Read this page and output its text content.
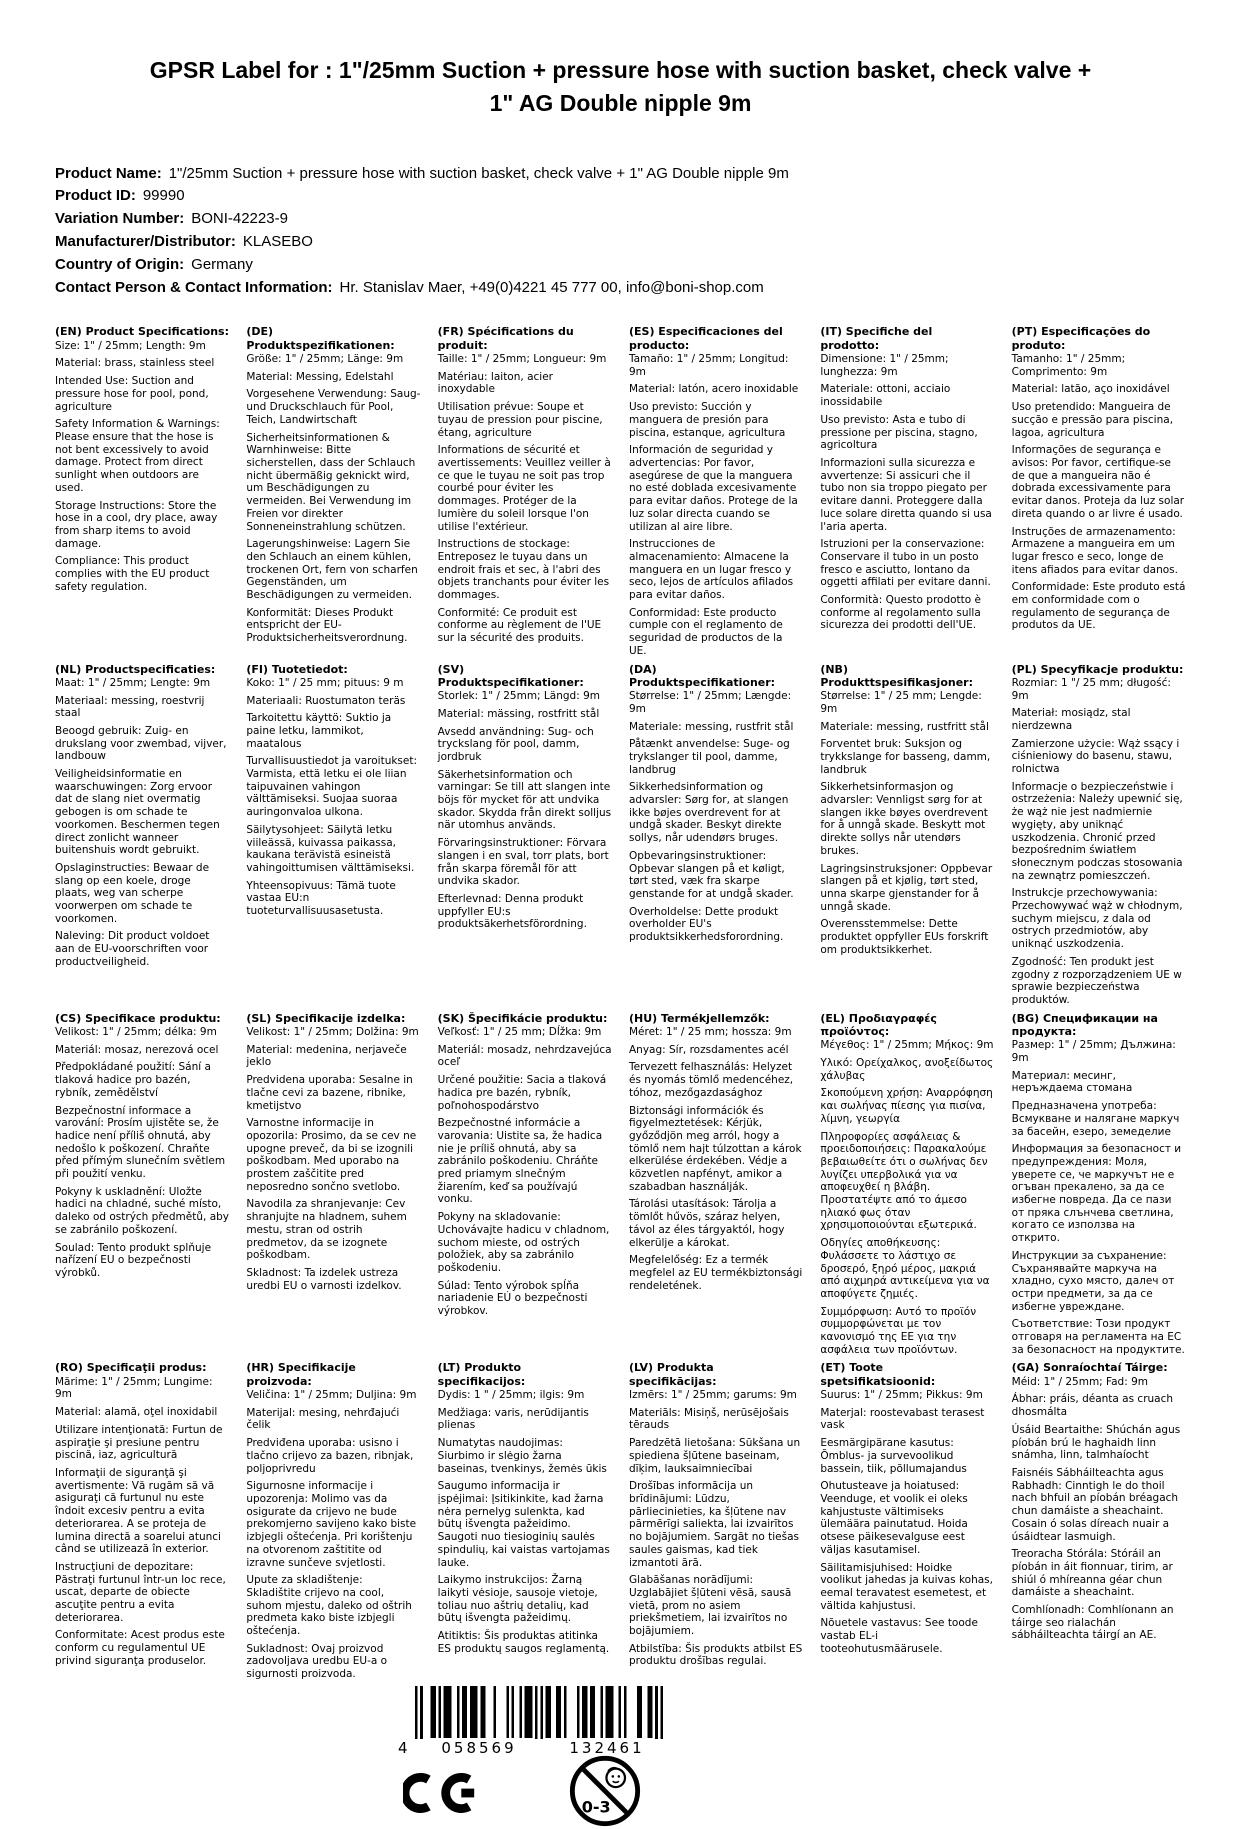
GPSR Label for : 1"/25mm Suction + pressure hose with suction basket, check valve + 1" AG Double nipple 9m
Product Name: 1"/25mm Suction + pressure hose with suction basket, check valve + 1" AG Double nipple 9m
Product ID: 99990
Variation Number: BONI-42223-9
Manufacturer/Distributor: KLASEBO
Country of Origin: Germany
Contact Person & Contact Information: Hr. Stanislav Maer, +49(0)4221 45 777 00, info@boni-shop.com
(EN) Product Specifications:

Size: 1" / 25mm; Length: 9m

Material: brass, stainless steel

Intended Use: Suction and pressure hose for pool, pond, agriculture

Safety Information & Warnings: Please ensure that the hose is not bent excessively to avoid damage. Protect from direct sunlight when outdoors are used.

Storage Instructions: Store the hose in a cool, dry place, away from sharp items to avoid damage.

Compliance: This product complies with the EU product safety regulation.

(DE) Produktspezifikationen:

Größe: 1" / 25mm; Länge: 9m

Material: Messing, Edelstahl

Vorgesehene Verwendung: Saug- und Druckschlauch für Pool, Teich, Landwirtschaft

Sicherheitsinformationen & Warnhinweise: Bitte sicherstellen, dass der Schlauch nicht übermäßig geknickt wird, um Beschädigungen zu vermeiden. Bei Verwendung im Freien vor direkter Sonneneinstrahlung schützen.

Lagerungshinweise: Lagern Sie den Schlauch an einem kühlen, trockenen Ort, fern von scharfen Gegenständen, um Beschädigungen zu vermeiden.

Konformität: Dieses Produkt entspricht der EU-Produktsicherheitsverordnung.

(FR) Spécifications du produit:

Taille: 1" / 25mm; Longueur: 9m

Matériau: laiton, acier inoxydable

Utilisation prévue: Soupe et tuyau de pression pour piscine, étang, agriculture

Informations de sécurité et avertissements: Veuillez veiller à ce que le tuyau ne soit pas trop courbé pour éviter les dommages. Protéger de la lumière du soleil lorsque l'on utilise l'extérieur.

Instructions de stockage: Entreposez le tuyau dans un endroit frais et sec, à l'abri des objets tranchants pour éviter les dommages.

Conformité: Ce produit est conforme au règlement de l'UE sur la sécurité des produits.

(ES) Especificaciones del producto:

Tamaño: 1" / 25mm; Longitud: 9m

Material: latón, acero inoxidable

Uso previsto: Succión y manguera de presión para piscina, estanque, agricultura

Información de seguridad y advertencias: Por favor, asegúrese de que la manguera no esté doblada excesivamente para evitar daños. Protege de la luz solar directa cuando se utilizan al aire libre.

Instrucciones de almacenamiento: Almacene la manguera en un lugar fresco y seco, lejos de artículos afilados para evitar daños.

Conformidad: Este producto cumple con el reglamento de seguridad de productos de la UE.

(IT) Specifiche del prodotto:

Dimensione: 1" / 25mm; lunghezza: 9m

Materiale: ottoni, acciaio inossidabile

Uso previsto: Asta e tubo di pressione per piscina, stagno, agricoltura

Informazioni sulla sicurezza e avvertenze: Si assicuri che il tubo non sia troppo piegato per evitare danni. Proteggere dalla luce solare diretta quando si usa l'aria aperta.

Istruzioni per la conservazione: Conservare il tubo in un posto fresco e asciutto, lontano da oggetti affilati per evitare danni.

Conformità: Questo prodotto è conforme al regolamento sulla sicurezza dei prodotti dell'UE.

(PT) Especificações do produto:

Tamanho: 1" / 25mm; Comprimento: 9m

Material: latão, aço inoxidável

Uso pretendido: Mangueira de sucção e pressão para piscina, lagoa, agricultura

Informações de segurança e avisos: Por favor, certifique-se de que a mangueira não é dobrada excessivamente para evitar danos. Proteja da luz solar direta quando o ar livre é usado.

Instruções de armazenamento: Armazene a mangueira em um lugar fresco e seco, longe de itens afiados para evitar danos.

Conformidade: Este produto está em conformidade com o regulamento de segurança de produtos da UE.

(NL) Productspecificaties:

Maat: 1" / 25mm; Lengte: 9m

Materiaal: messing, roestvrij staal

Beoogd gebruik: Zuig- en drukslang voor zwembad, vijver, landbouw

Veiligheidsinformatie en waarschuwingen: Zorg ervoor dat de slang niet overmatig gebogen is om schade te voorkomen. Beschermen tegen direct zonlicht wanneer buitenshuis wordt gebruikt.

Opslaginstructies: Bewaar de slang op een koele, droge plaats, weg van scherpe voorwerpen om schade te voorkomen.

Naleving: Dit product voldoet aan de EU-voorschriften voor productveiligheid.

(FI) Tuotetiedot:

Koko: 1" / 25 mm; pituus: 9 m

Materiaali: Ruostumaton teräs

Tarkoitettu käyttö: Suktio ja paine letku, lammikot, maatalous

Turvallisuustiedot ja varoitukset: Varmista, että letku ei ole liian taipuvainen vahingon välttämiseksi. Suojaa suoraa auringonvaloa ulkona.

Säilytysohjeet: Säilytä letku viileässä, kuivassa paikassa, kaukana terävistä esineistä vahingoittumisen välttämiseksi.

Yhteensopivuus: Tämä tuote vastaa EU:n tuoteturvallisuusasetusta.

(SV) Produktspecifikationer:

Storlek: 1" / 25mm; Längd: 9m

Material: mässing, rostfritt stål

Avsedd användning: Sug- och tryckslang för pool, damm, jordbruk

Säkerhetsinformation och varningar: Se till att slangen inte böjs för mycket för att undvika skador. Skydda från direkt solljus när utomhus används.

Förvaringsinstruktioner: Förvara slangen i en sval, torr plats, bort från skarpa föremål för att undvika skador.

Efterlevnad: Denna produkt uppfyller EU:s produktsäkerhetsförordning.

(DA) Produktspecifikationer:

Størrelse: 1" / 25mm; Længde: 9m

Materiale: messing, rustfrit stål

Påtænkt anvendelse: Suge- og trykslanger til pool, damme, landbrug

Sikkerhedsinformation og advarsler: Sørg for, at slangen ikke bøjes overdrevent for at undgå skader. Beskyt direkte sollys, når udendørs bruges.

Opbevaringsinstruktioner: Opbevar slangen på et køligt, tørt sted, væk fra skarpe genstande for at undgå skader.

Overholdelse: Dette produkt overholder EU's produktsikkerhedsforordning.

(NB) Produkttspesifikasjoner:

Størrelse: 1" / 25 mm; Lengde: 9m

Materiale: messing, rustfritt stål

Forventet bruk: Suksjon og trykkslange for basseng, damm, landbruk

Sikkerhetsinformasjon og advarsler: Vennligst sørg for at slangen ikke bøyes overdrevent for å unngå skade. Beskytt mot direkte sollys når utendørs brukes.

Lagringsinstruksjoner: Oppbevar slangen på et kjølig, tørt sted, unna skarpe gjenstander for å unngå skade.

Overensstemmelse: Dette produktet oppfyller EUs forskrift om produktsikkerhet.

(PL) Specyfikacje produktu:

Rozmiar: 1 "/ 25 mm; długość: 9m

Materiał: mosiądz, stal nierdzewna

Zamierzone użycie: Wąż ssący i ciśnieniowy do basenu, stawu, rolnictwa

Informacje o bezpieczeństwie i ostrzeżenia: Należy upewnić się, że wąż nie jest nadmiernie wygięty, aby uniknąć uszkodzenia. Chronić przed bezpośrednim światłem słonecznym podczas stosowania na zewnątrz pomieszczeń.

Instrukcje przechowywania: Przechowywać wąż w chłodnym, suchym miejscu, z dala od ostrych przedmiotów, aby uniknąć uszkodzenia.

Zgodność: Ten produkt jest zgodny z rozporządzeniem UE w sprawie bezpieczeństwa produktów.

(CS) Specifikace produktu:

Velikost: 1" / 25mm; délka: 9m

Materiál: mosaz, nerezová ocel

Předpokládané použití: Sání a tlaková hadice pro bazén, rybník, zemědělství

Bezpečnostní informace a varování: Prosím ujistěte se, že hadice není příliš ohnutá, aby nedošlo k poškození. Chraňte před přímým slunečním světlem při použití venku.

Pokyny k uskladnění: Uložte hadici na chladné, suché místo, daleko od ostrých předmětů, aby se zabránilo poškození.

Soulad: Tento produkt splňuje nařízení EU o bezpečnosti výrobků.

(SL) Specifikacije izdelka:

Velikost: 1" / 25mm; Dolžina: 9m

Material: medenina, nerjaveče jeklo

Predvidena uporaba: Sesalne in tlačne cevi za bazene, ribnike, kmetijstvo

Varnostne informacije in opozorila: Prosimo, da se cev ne upogne preveč, da bi se izognili poškodbam. Med uporabo na prostem zaščitite pred neposredno sončno svetlobo.

Navodila za shranjevanje: Cev shranjujte na hladnem, suhem mestu, stran od ostrih predmetov, da se izognete poškodbam.

Skladnost: Ta izdelek ustreza uredbi EU o varnosti izdelkov.

(SK) Špecifikácie produktu:

Veľkosť: 1" / 25 mm; Dĺžka: 9m

Materiál: mosadz, nehrdzavejúca oceľ

Určené použitie: Sacia a tlaková hadica pre bazén, rybník, poľnohospodárstvo

Bezpečnostné informácie a varovania: Uistite sa, že hadica nie je príliš ohnutá, aby sa zabránilo poškodeniu. Chráňte pred priamym slnečným žiarením, keď sa používajú vonku.

Pokyny na skladovanie: Uchovávajte hadicu v chladnom, suchom mieste, od ostrých položiek, aby sa zabránilo poškodeniu.

Súlad: Tento výrobok spĺňa nariadenie EÚ o bezpečnosti výrobkov.

(HU) Termékjellemzők:

Méret: 1" / 25 mm; hossza: 9m

Anyag: Sír, rozsdamentes acél

Tervezett felhasználás: Helyzet és nyomás tömlő medencéhez, tóhoz, mezőgazdasághoz

Biztonsági információk és figyelmeztetések: Kérjük, győződjön meg arról, hogy a tömlő nem hajt túlzottan a károk elkerülése érdekében. Védje a közvetlen napfényt, amikor a szabadban használják.

Tárolási utasítások: Tárolja a tömlőt hűvös, száraz helyen, távol az éles tárgyaktól, hogy elkerülje a károkat.

Megfelelőség: Ez a termék megfelel az EU termékbiztonsági rendeletének.

(EL) Προδιαγραφές προϊόντος:

Μέγεθος: 1" / 25mm; Μήκος: 9m

Υλικό: Ορείχαλκος, ανοξείδωτος χάλυβας

Σκοπούμενη χρήση: Αναρρόφηση και σωλήνας πίεσης για πισίνα, λίμνη, γεωργία

Πληροφορίες ασφάλειας & προειδοποιήσεις: Παρακαλούμε βεβαιωθείτε ότι ο σωλήνας δεν λυγίζει υπερβολικά για να αποφευχθεί η βλάβη. Προστατέψτε από το άμεσο ηλιακό φως όταν χρησιμοποιούνται εξωτερικά.

Οδηγίες αποθήκευσης: Φυλάσσετε το λάστιχο σε δροσερό, ξηρό μέρος, μακριά από αιχμηρά αντικείμενα για να αποφύγετε ζημιές.

Συμμόρφωση: Αυτό το προϊόν συμμορφώνεται με τον κανονισμό της ΕΕ για την ασφάλεια των προϊόντων.

(BG) Спецификации на продукта:

Размер: 1" / 25mm; Дължина: 9m

Материал: месинг, неръждаема стомана

Предназначена употреба: Всмукване и налягане маркуч за басейн, езеро, земеделие

Информация за безопасност и предупреждения: Моля, уверете се, че маркучът не е огъван прекалено, за да се избегне повреда. Да се пази от пряка слънчева светлина, когато се използва на открито.

Инструкции за съхранение: Съхранявайте маркуча на хладно, сухо място, далеч от остри предмети, за да се избегне увреждане.

Съответствие: Този продукт отговаря на регламента на ЕС за безопасност на продуктите.

(RO) Specificaţii produs:

Mărime: 1" / 25mm; Lungime: 9m

Material: alamă, oţel inoxidabil

Utilizare intenţionată: Furtun de aspiraţie şi presiune pentru piscină, iaz, agricultură

Informaţii de siguranţă şi avertismente: Vă rugăm să vă asiguraţi că furtunul nu este îndoit excesiv pentru a evita deteriorarea. A se proteja de lumina directă a soarelui atunci când se utilizează în exterior.

Instrucţiuni de depozitare: Păstraţi furtunul într-un loc rece, uscat, departe de obiecte ascuţite pentru a evita deteriorarea.

Conformitate: Acest produs este conform cu regulamentul UE privind siguranţa produselor.

(HR) Specifikacije proizvoda:

Veličina: 1" / 25mm; Duljina: 9m

Materijal: mesing, nehrđajući čelik

Predviđena uporaba: usisno i tlačno crijevo za bazen, ribnjak, poljoprivredu

Sigurnosne informacije i upozorenja: Molimo vas da osigurate da crijevo ne bude prekomjerno savijeno kako biste izbjegli oštećenja. Pri korištenju na otvorenom zaštitite od izravne sunčeve svjetlosti.

Upute za skladištenje: Skladištite crijevo na cool, suhom mjestu, daleko od oštrih predmeta kako biste izbjegli oštećenja.

Sukladnost: Ovaj proizvod zadovoljava uredbu EU-a o sigurnosti proizvoda.

(LT) Produkto specifikacijos:

Dydis: 1 " / 25mm; ilgis: 9m

Medžiaga: varis, nerūdijantis plienas

Numatytas naudojimas: Siurbimo ir slėgio žarna baseinas, tvenkinys, žemės ūkis

Saugumo informacija ir įspėjimai: Įsitikinkite, kad žarna nėra pernelyg sulenkta, kad būtų išvengta pažeidimo. Saugoti nuo tiesioginių saulės spindulių, kai vaistas vartojamas lauke.

Laikymo instrukcijos: Žarną laikyti vėsioje, sausoje vietoje, toliau nuo aštrių detalių, kad būtų išvengta pažeidimų.

Atitiktis: Šis produktas atitinka ES produktų saugos reglamentą.

(LV) Produkta specifikācijas:

Izmērs: 1" / 25mm; garums: 9m

Materiāls: Misiņš, nerūsējošais tērauds

Paredzētā lietošana: Sūkšana un spiediena šļūtene baseinam, dīķim, lauksaimniecībai

Drošības informācija un brīdinājumi: Lūdzu, pārliecinieties, ka šļūtene nav pārmērīgi saliekta, lai izvairītos no bojājumiem. Sargāt no tiešas saules gaismas, kad tiek izmantoti ārā.

Glabāšanas norādījumi: Uzglabājiet šļūteni vēsā, sausā vietā, prom no asiem priekšmetiem, lai izvairītos no bojājumiem.

Atbilstība: Šis produkts atbilst ES produktu drošības regulai.

(ET) Toote spetsifikatsioonid:

Suurus: 1" / 25mm; Pikkus: 9m

Materjal: roostevabast terasest vask

Eesmärgipärane kasutus: Õmblus- ja survevoolikud bassein, tiik, põllumajandus

Ohutusteave ja hoiatused: Veenduge, et voolik ei oleks kahjustuste vältimiseks ülemäära painutatud. Hoida otsese päikesevalguse eest väljas kasutamisel.

Säilitamisjuhised: Hoidke voolikut jahedas ja kuivas kohas, eemal teravatest esemetest, et vältida kahjustusi.

Nõuetele vastavus: See toode vastab EL-i tooteohutusmäärusele.

(GA) Sonraíochtaí Táirge:

Méid: 1" / 25mm; Fad: 9m

Ábhar: práis, déanta as cruach dhosmálta

Úsáid Beartaithe: Shúchán agus píobán brú le haghaidh linn snámha, linn, talmhaíocht

Faisnéis Sábháilteachta agus Rabhadh: Cinntigh le do thoil nach bhfuil an píobán bréagach chun damáiste a sheachaint. Cosain ó solas díreach nuair a úsáidtear lasmuigh.

Treoracha Stórála: Stóráil an píobán in áit fionnuar, tirim, ar shiúl ó mhíreanna géar chun damáiste a sheachaint.

Comhlíonadh: Comhlíonann an táirge seo rialachán sábháilteachta táirgí an AE.

4	058569	132461
0-3
